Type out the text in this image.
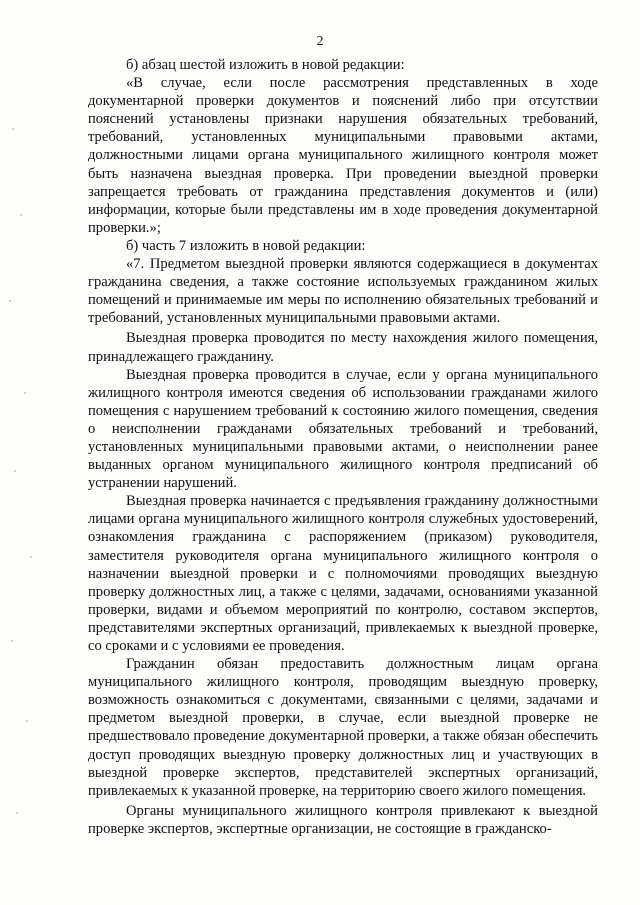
2

б) абзац шестой изложить в новой редакции:

«В случае, если после рассмотрения представленных в ходе документарной проверки документов и пояснений либо при отсутствии пояснений установлены признаки нарушения обязательных требований, требований, установленных муниципальными правовыми актами, должностными лицами органа муниципального жилищного контроля может быть назначена выездная проверка. При проведении выездной проверки запрещается требовать от гражданина представления документов и (или) информации, которые были представлены им в ходе проведения документарной проверки.»;

б) часть 7 изложить в новой редакции:

«7. Предметом выездной проверки являются содержащиеся в документах гражданина сведения, а также состояние используемых гражданином жилых помещений и принимаемые им меры по исполнению обязательных требований и требований, установленных муниципальными правовыми актами.

Выездная проверка проводится по месту нахождения жилого помещения, принадлежащего гражданину.

Выездная проверка проводится в случае, если у органа муниципального жилищного контроля имеются сведения об использовании гражданами жилого помещения с нарушением требований к состоянию жилого помещения, сведения о неисполнении гражданами обязательных требований и требований, установленных муниципальными правовыми актами, о неисполнении ранее выданных органом муниципального жилищного контроля предписаний об устранении нарушений.

Выездная проверка начинается с предъявления гражданину должностными лицами органа муниципального жилищного контроля служебных удостоверений, ознакомления гражданина с распоряжением (приказом) руководителя, заместителя руководителя органа муниципального жилищного контроля о назначении выездной проверки и с полномочиями проводящих выездную проверку должностных лиц, а также с целями, задачами, основаниями указанной проверки, видами и объемом мероприятий по контролю, составом экспертов, представителями экспертных организаций, привлекаемых к выездной проверке, со сроками и с условиями ее проведения.

Гражданин обязан предоставить должностным лицам органа муниципального жилищного контроля, проводящим выездную проверку, возможность ознакомиться с документами, связанными с целями, задачами и предметом выездной проверки, в случае, если выездной проверке не предшествовало проведение документарной проверки, а также обязан обеспечить доступ проводящих выездную проверку должностных лиц и участвующих в выездной проверке экспертов, представителей экспертных организаций, привлекаемых к указанной проверке, на территорию своего жилого помещения.

Органы муниципального жилищного контроля привлекают к выездной проверке экспертов, экспертные организации, не состоящие в гражданско-
